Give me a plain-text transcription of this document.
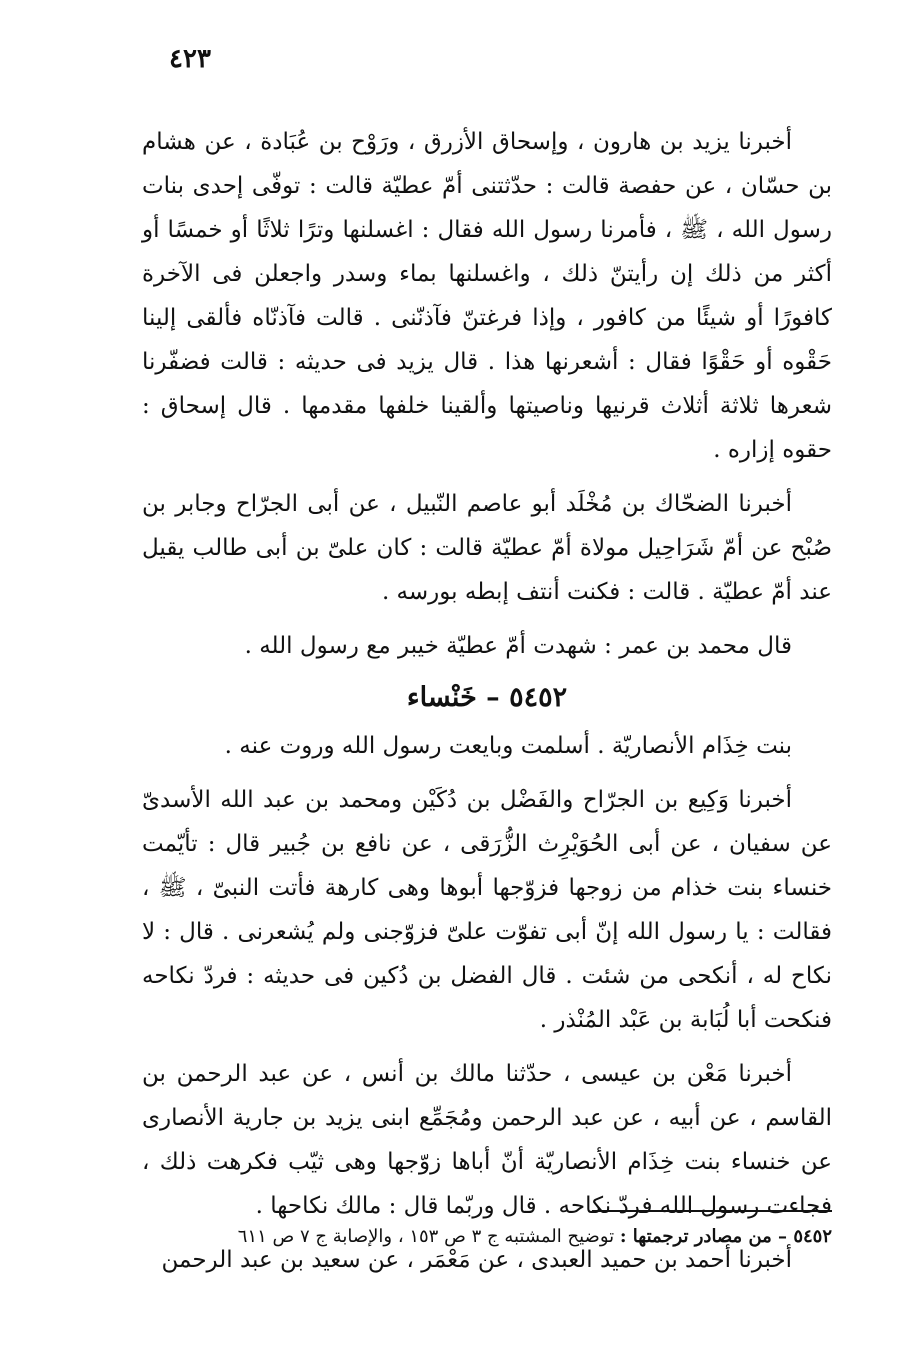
٤٢٣

أخبرنا يزيد بن هارون ، وإسحاق الأزرق ، ورَوْح بن عُبَادة ، عن هشام بن حسّان ، عن حفصة قالت : حدّثتنى أمّ عطيّة قالت : توفّى إحدى بنات رسول الله ، ﷺ ، فأمرنا رسول الله فقال : اغسلنها وترًا ثلاثًا أو خمسًا أو أكثر من ذلك إن رأيتنّ ذلك ، واغسلنها بماء وسدر واجعلن فى الآخرة كافورًا أو شيئًا من كافور ، وإذا فرغتنّ فآذنّنى . قالت فآذنّاه فألقى إلينا حَقْوه أو حَقْوًا فقال : أشعرنها هذا . قال يزيد فى حديثه : قالت فضفّرنا شعرها ثلاثة أثلاث قرنيها وناصيتها وألقينا خلفها مقدمها . قال إسحاق : حقوه إزاره .

أخبرنا الضحّاك بن مُخْلَد أبو عاصم النّبيل ، عن أبى الجرّاح وجابر بن صُبْح عن أمّ شَرَاحِيل مولاة أمّ عطيّة قالت : كان علىّ بن أبى طالب يقيل عند أمّ عطيّة . قالت : فكنت أنتف إبطه بورسه .

قال محمد بن عمر : شهدت أمّ عطيّة خيبر مع رسول الله .

٥٤٥٢ – خَنْساء

بنت خِذَام الأنصاريّة . أسلمت وبايعت رسول الله وروت عنه .

أخبرنا وَكِيع بن الجرّاح والفَضْل بن دُكَيْن ومحمد بن عبد الله الأسدىّ عن سفيان ، عن أبى الحُوَيْرِث الزُّرَقى ، عن نافع بن جُبير قال : تأيّمت خنساء بنت خذام من زوجها فزوّجها أبوها وهى كارهة فأتت النبىّ ، ﷺ ، فقالت : يا رسول الله إنّ أبى تفوّت علىّ فزوّجنى ولم يُشعرنى . قال : لا نكاح له ، أنكحى من شئت . قال الفضل بن دُكين فى حديثه : فردّ نكاحه فنكحت أبا لُبَابة بن عَبْد المُنْذر .

أخبرنا مَعْن بن عيسى ، حدّثنا مالك بن أنس ، عن عبد الرحمن بن القاسم ، عن أبيه ، عن عبد الرحمن ومُجَمِّع ابنى يزيد بن جارية الأنصارى عن خنساء بنت خِذَام الأنصاريّة أنّ أباها زوّجها وهى ثيّب فكرهت ذلك ، فجاءت رسول الله فردّ نكاحه . قال وربّما قال : مالك نكاحها .

أخبرنا أحمد بن حميد العبدى ، عن مَعْمَر ، عن سعيد بن عبد الرحمن

٥٤٥٢ – من مصادر ترجمتها : توضيح المشتبه ج ٣ ص ١٥٣ ، والإصابة ج ٧ ص ٦١١
